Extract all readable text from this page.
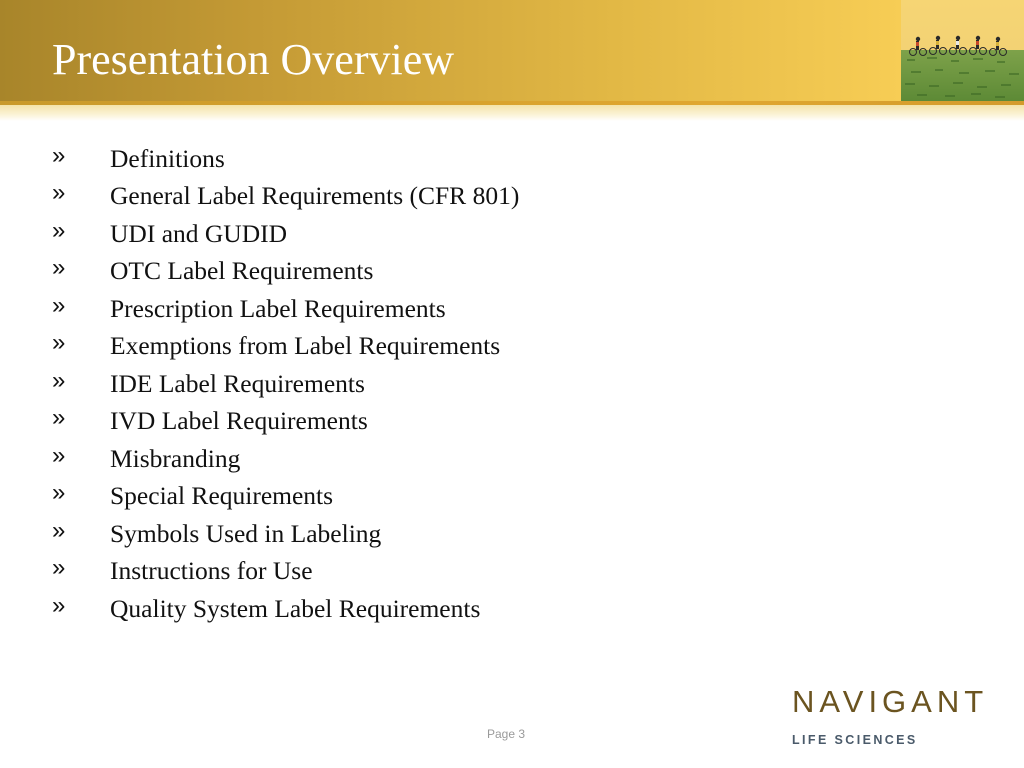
Presentation Overview
»	Definitions
»	General Label Requirements (CFR 801)
»	UDI and GUDID
»	OTC Label Requirements
»	Prescription Label Requirements
»	Exemptions from Label Requirements
»	IDE Label Requirements
»	IVD Label Requirements
»	Misbranding
»	Special Requirements
»	Symbols Used in Labeling
»	Instructions for Use
»	Quality System Label Requirements
Page 3
NAVIGANT
LIFE SCIENCES
